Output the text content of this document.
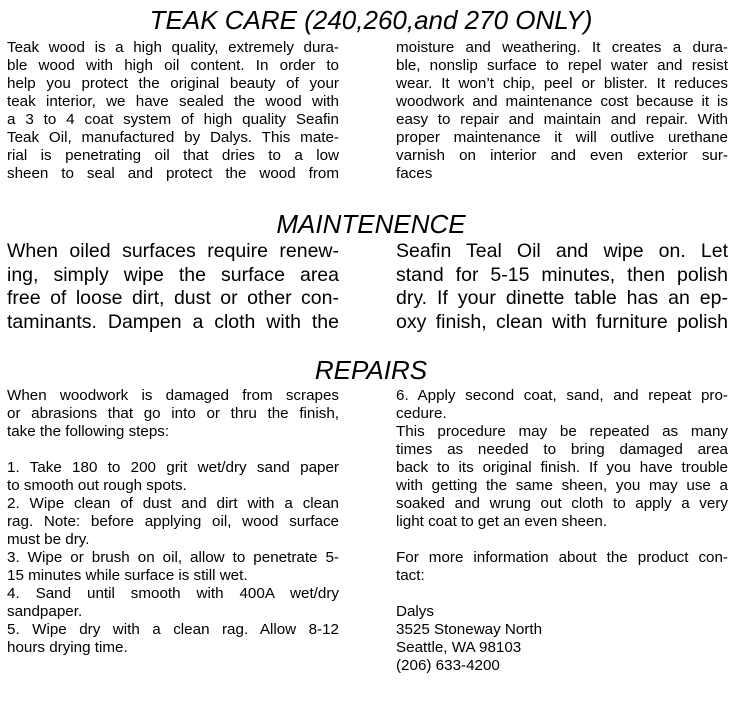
TEAK CARE (240,260,and 270 ONLY)
Teak wood is a high quality, extremely dura-
ble wood with high oil content. In order to
help you protect the original beauty of your
teak interior, we have sealed the wood with
a 3 to 4 coat system of high quality Seafin
Teak Oil, manufactured by Dalys. This mate-
rial is penetrating oil that dries to a low
sheen to seal and protect the wood from
moisture and weathering. It creates a dura-
ble, nonslip surface to repel water and resist
wear. It won’t chip, peel or blister. It reduces
woodwork and maintenance cost because it is
easy to repair and maintain and repair. With
proper maintenance it will outlive urethane
varnish on interior and even exterior sur-
faces
MAINTENENCE
When oiled surfaces require renew-
ing, simply wipe the surface area
free of loose dirt, dust or other con-
taminants. Dampen a cloth with the
Seafin Teal Oil and wipe on. Let
stand for 5-15 minutes, then polish
dry. If your dinette table has an ep-
oxy finish, clean with furniture polish
REPAIRS
When woodwork is damaged from scrapes
or abrasions that go into or thru the finish,
take the following steps:

1. Take 180 to 200 grit wet/dry sand paper
to smooth out rough spots.
2. Wipe clean of dust and dirt with a clean
rag. Note: before applying oil, wood surface
must be dry.
3. Wipe or brush on oil, allow to penetrate 5-
15 minutes while surface is still wet.
4. Sand until smooth with 400A wet/dry
sandpaper.
5. Wipe dry with a clean rag. Allow 8-12
hours drying time.
6. Apply second coat, sand, and repeat pro-
cedure.
This procedure may be repeated as many
times as needed to bring damaged area
back to its original finish. If you have trouble
with getting the same sheen, you may use a
soaked and wrung out cloth to apply a very
light coat to get an even sheen.

For more information about the product con-
tact:

Dalys
3525 Stoneway North
Seattle, WA 98103
(206) 633-4200
